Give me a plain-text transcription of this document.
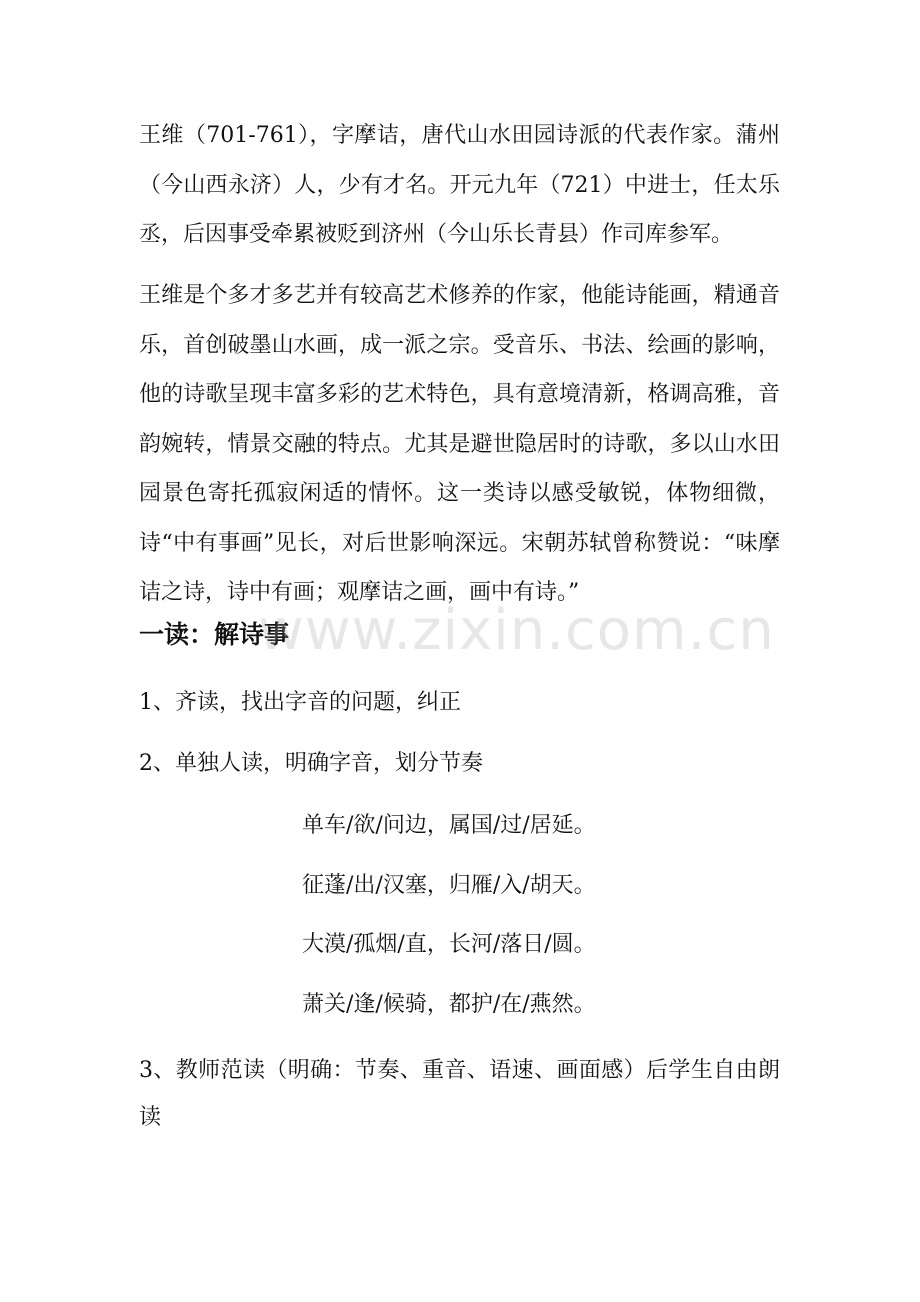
王维（701-761），字摩诘，唐代山水田园诗派的代表作家。蒲州（今山西永济）人，少有才名。开元九年（721）中进士，任太乐丞，后因事受牵累被贬到济州（今山乐长青县）作司库参军。

王维是个多才多艺并有较高艺术修养的作家，他能诗能画，精通音乐，首创破墨山水画，成一派之宗。受音乐、书法、绘画的影响，他的诗歌呈现丰富多彩的艺术特色，具有意境清新，格调高雅，音韵婉转，情景交融的特点。尤其是避世隐居时的诗歌，多以山水田园景色寄托孤寂闲适的情怀。这一类诗以感受敏锐，体物细微，诗“中有事画”见长，对后世影响深远。宋朝苏轼曾称赞说：“味摩诘之诗，诗中有画；观摩诘之画，画中有诗。”

一读：解诗事

1、齐读，找出字音的问题，纠正

2、单独人读，明确字音，划分节奏

单车/欲/问边，属国/过/居延。

征蓬/出/汉塞，归雁/入/胡天。

大漠/孤烟/直，长河/落日/圆。

萧关/逢/候骑，都护/在/燕然。

3、教师范读（明确：节奏、重音、语速、画面感）后学生自由朗读

www.zixin.com.cn
